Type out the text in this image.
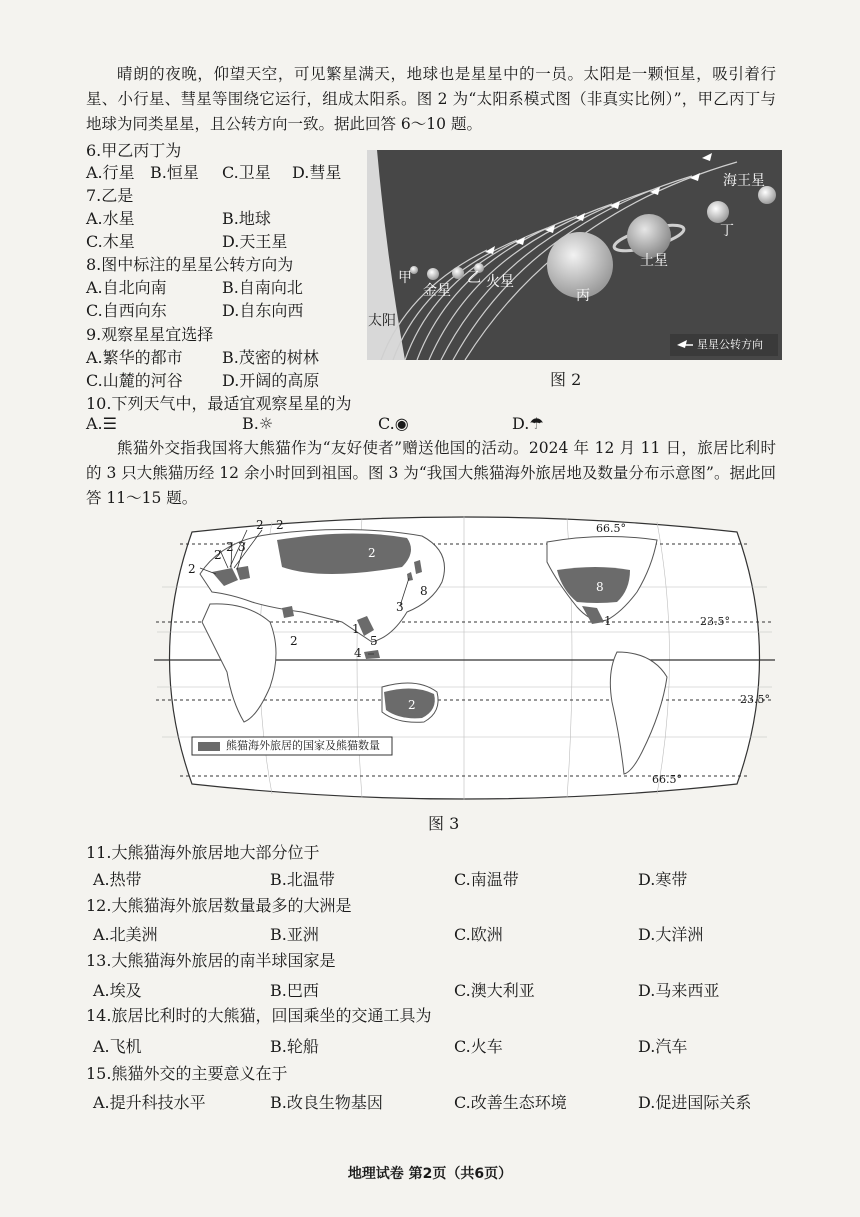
晴朗的夜晚，仰望天空，可见繁星满天，地球也是星星中的一员。太阳是一颗恒星，吸引着行星、小行星、彗星等围绕它运行，组成太阳系。图 2 为“太阳系模式图（非真实比例）”，甲乙丙丁与地球为同类星星，且公转方向一致。据此回答 6～10 题。
6.甲乙丙丁为
A.行星 B.恒星 C.卫星 D.彗星
7.乙是
A.水星	B.地球
C.木星	D.天王星
8.图中标注的星星公转方向为
A.自北向南	B.自南向北
C.自西向东	D.自东向西
9.观察星星宜选择
A.繁华的都市 B.茂密的树林
C.山麓的河谷 D.开阔的高原
10.下列天气中，最适宜观察星星的为
A.☰	B.☼	C.◉	D.☂
太阳
甲
金星
乙 火星
丙
土星
丁
海王星
星星公转方向
图 2
熊猫外交指我国将大熊猫作为“友好使者”赠送他国的活动。2024 年 12 月 11 日，旅居比利时的 3 只大熊猫历经 12 余小时回到祖国。图 3 为“我国大熊猫海外旅居地及数量分布示意图”。据此回答 11～15 题。
66.5°
23.5°
23.5°
66.5°
2 2
3
2
2
2
2
8
3
2
1
4
5
8
1
2
熊猫海外旅居的国家及熊猫数量
图 3
11.大熊猫海外旅居地大部分位于
A.热带	B.北温带	C.南温带	D.寒带
12.大熊猫海外旅居数量最多的大洲是
A.北美洲	B.亚洲	C.欧洲	D.大洋洲
13.大熊猫海外旅居的南半球国家是
A.埃及	B.巴西	C.澳大利亚	D.马来西亚
14.旅居比利时的大熊猫，回国乘坐的交通工具为
A.飞机	B.轮船	C.火车	D.汽车
15.熊猫外交的主要意义在于
A.提升科技水平	B.改良生物基因	C.改善生态环境	D.促进国际关系
地理试卷 第2页（共6页）
